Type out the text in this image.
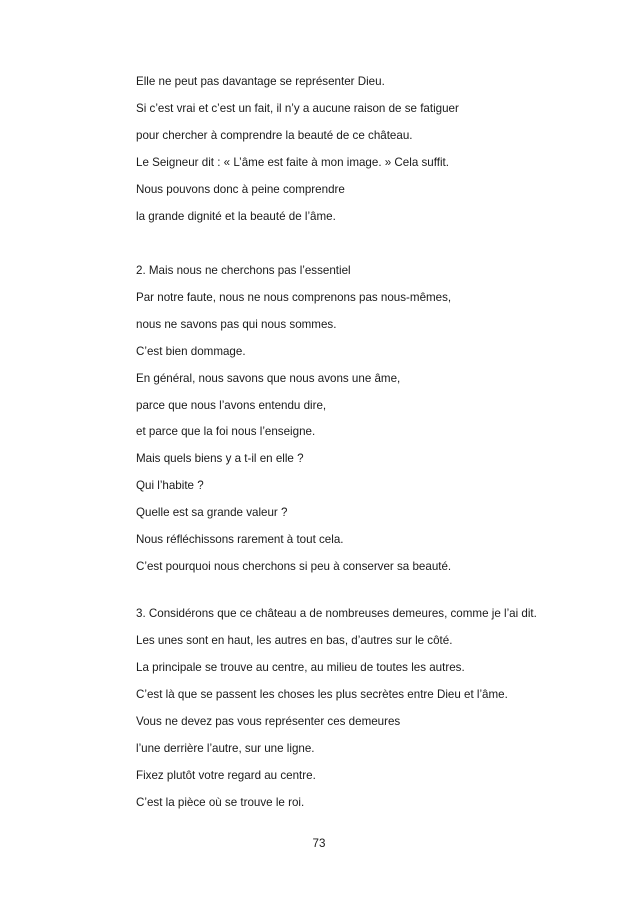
Elle ne peut pas davantage se représenter Dieu.
Si c’est vrai et c’est un fait, il n’y a aucune raison de se fatiguer
pour chercher à comprendre la beauté de ce château.
Le Seigneur dit : « L’âme est faite à mon image. » Cela suffit.
Nous pouvons donc à peine comprendre
la grande dignité et la beauté de l’âme.
2. Mais nous ne cherchons pas l’essentiel
Par notre faute, nous ne nous comprenons pas nous-mêmes,
nous ne savons pas qui nous sommes.
C’est bien dommage.
En général, nous savons que nous avons une âme,
parce que nous l’avons entendu dire,
et parce que la foi nous l’enseigne.
Mais quels biens y a t-il en elle ?
Qui l’habite ?
Quelle est sa grande valeur ?
Nous réfléchissons rarement à tout cela.
C’est pourquoi nous cherchons si peu à conserver sa beauté.
3. Considérons que ce château a de nombreuses demeures, comme je l’ai dit.
Les unes sont en haut, les autres en bas, d’autres sur le côté.
La principale se trouve au centre, au milieu de toutes les autres.
C’est là que se passent les choses les plus secrètes entre Dieu et l’âme.
Vous ne devez pas vous représenter ces demeures
l’une derrière l’autre, sur une ligne.
Fixez plutôt votre regard au centre.
C’est la pièce où se trouve le roi.
73
